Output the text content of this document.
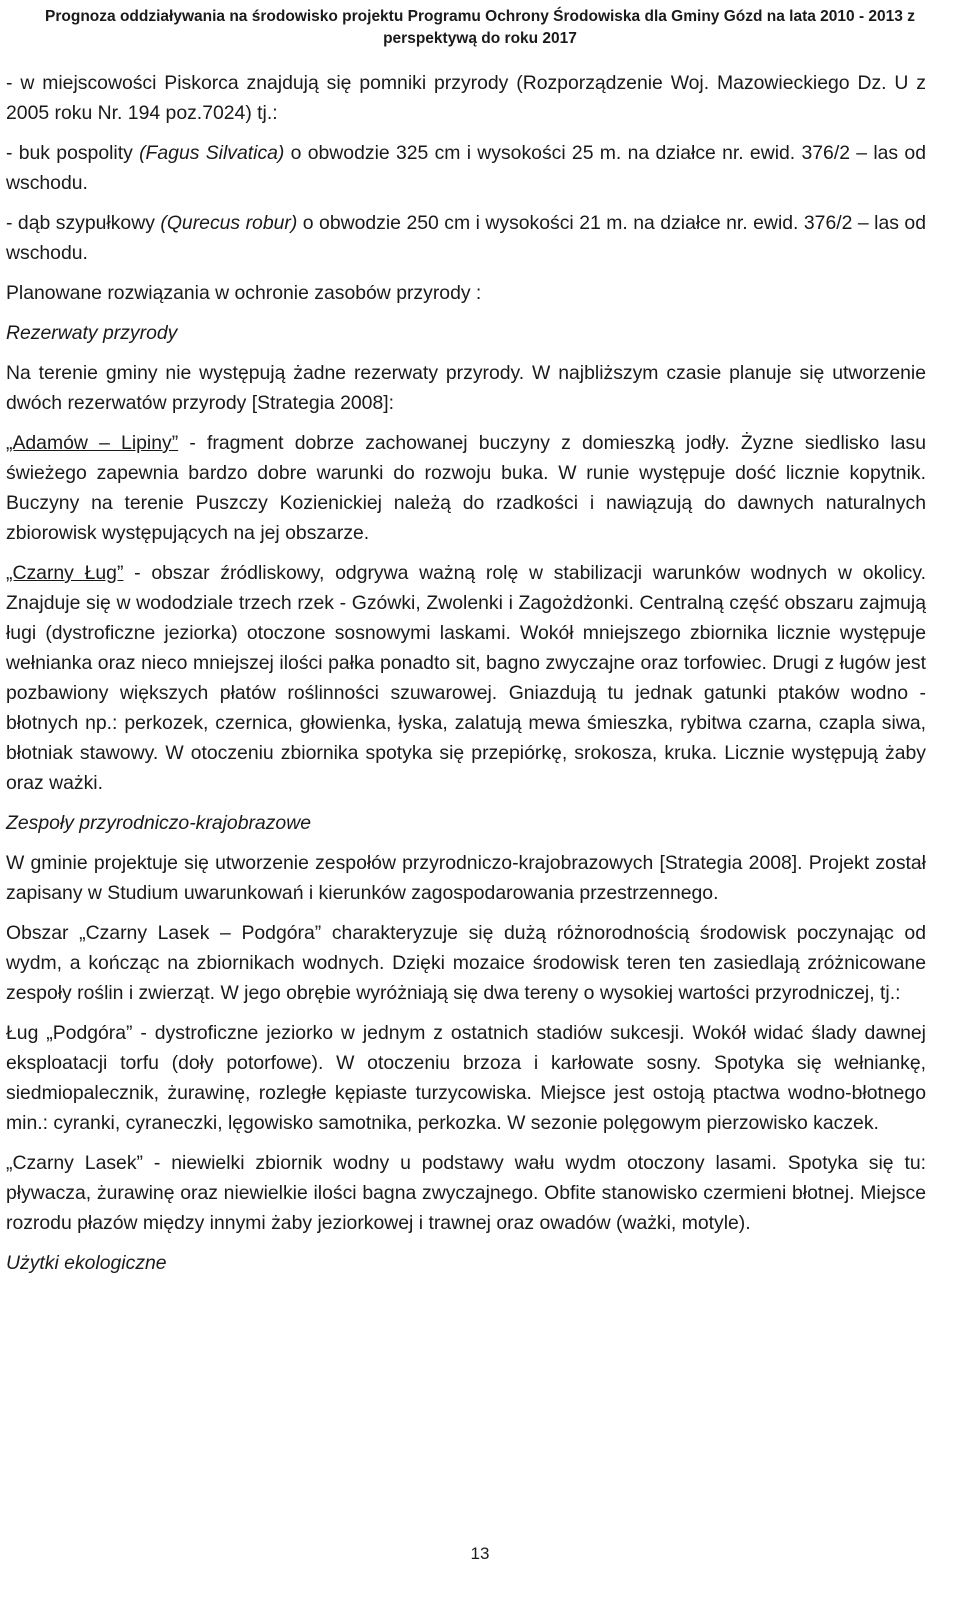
Prognoza oddziaływania na środowisko projektu Programu Ochrony Środowiska dla Gminy Gózd na lata 2010 - 2013 z
perspektywą do roku 2017

- w miejscowości Piskorca znajdują się pomniki przyrody (Rozporządzenie Woj. Mazowieckiego Dz. U z 2005 roku Nr. 194 poz.7024) tj.:

- buk pospolity (Fagus Silvatica) o obwodzie 325 cm i wysokości 25 m. na działce nr. ewid. 376/2 – las od wschodu.

- dąb szypułkowy (Qurecus robur) o obwodzie 250 cm i wysokości 21 m. na działce nr. ewid. 376/2 – las od wschodu.

Planowane rozwiązania w ochronie zasobów przyrody :

Rezerwaty przyrody

Na terenie gminy nie występują żadne rezerwaty przyrody. W najbliższym czasie planuje się utworzenie dwóch rezerwatów przyrody [Strategia 2008]:

„Adamów – Lipiny” - fragment dobrze zachowanej buczyny z domieszką jodły. Żyzne siedlisko lasu świeżego zapewnia bardzo dobre warunki do rozwoju buka. W runie występuje dość licznie kopytnik. Buczyny na terenie Puszczy Kozienickiej należą do rzadkości i nawiązują do dawnych naturalnych zbiorowisk występujących na jej obszarze.

„Czarny Ług” - obszar źródliskowy, odgrywa ważną rolę w stabilizacji warunków wodnych w okolicy. Znajduje się w wododziale trzech rzek - Gzówki, Zwolenki i Zagożdżonki. Centralną część obszaru zajmują ługi (dystroficzne jeziorka) otoczone sosnowymi laskami. Wokół mniejszego zbiornika licznie występuje wełnianka oraz nieco mniejszej ilości pałka ponadto sit, bagno zwyczajne oraz torfowiec. Drugi z ługów jest pozbawiony większych płatów roślinności szuwarowej. Gniazdują tu jednak gatunki ptaków wodno - błotnych np.: perkozek, czernica, głowienka, łyska, zalatują mewa śmieszka, rybitwa czarna, czapla siwa, błotniak stawowy. W otoczeniu zbiornika spotyka się przepiórkę, srokosza, kruka. Licznie występują żaby oraz ważki.

Zespoły przyrodniczo-krajobrazowe

W gminie projektuje się utworzenie zespołów przyrodniczo-krajobrazowych [Strategia 2008]. Projekt został zapisany w Studium uwarunkowań i kierunków zagospodarowania przestrzennego.

Obszar „Czarny Lasek – Podgóra” charakteryzuje się dużą różnorodnością środowisk poczynając od wydm, a kończąc na zbiornikach wodnych. Dzięki mozaice środowisk teren ten zasiedlają zróżnicowane zespoły roślin i zwierząt. W jego obrębie wyróżniają się dwa tereny o wysokiej wartości przyrodniczej, tj.:

Ług „Podgóra” - dystroficzne jeziorko w jednym z ostatnich stadiów sukcesji. Wokół widać ślady dawnej eksploatacji torfu (doły potorfowe). W otoczeniu brzoza i karłowate sosny. Spotyka się wełniankę, siedmiopalecznik, żurawinę, rozległe kępiaste turzycowiska. Miejsce jest ostoją ptactwa wodno-błotnego min.: cyranki, cyraneczki, lęgowisko samotnika, perkozka. W sezonie polęgowym pierzowisko kaczek.

„Czarny Lasek” - niewielki zbiornik wodny u podstawy wału wydm otoczony lasami. Spotyka się tu: pływacza, żurawinę oraz niewielkie ilości bagna zwyczajnego. Obfite stanowisko czermieni błotnej. Miejsce rozrodu płazów między innymi żaby jeziorkowej i trawnej oraz owadów (ważki, motyle).

Użytki ekologiczne

13
